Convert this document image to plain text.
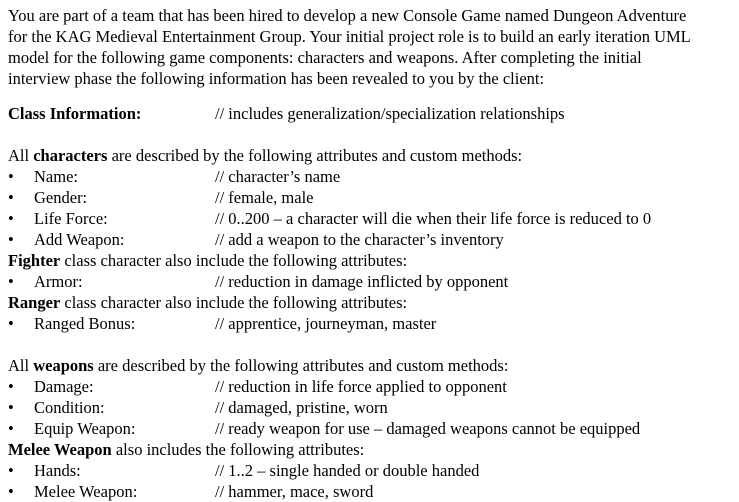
You are part of a team that has been hired to develop a new Console Game named Dungeon Adventure
for the KAG Medieval Entertainment Group. Your initial project role is to build an early iteration UML
model for the following game components: characters and weapons. After completing the initial
interview phase the following information has been revealed to you by the client:
Class Information:	// includes generalization/specialization relationships
All characters are described by the following attributes and custom methods:
• Name:	// character’s name
• Gender:	// female, male
• Life Force:	// 0..200 – a character will die when their life force is reduced to 0
• Add Weapon:	// add a weapon to the character’s inventory
Fighter class character also include the following attributes:
• Armor:	// reduction in damage inflicted by opponent
Ranger class character also include the following attributes:
• Ranged Bonus:	// apprentice, journeyman, master
All weapons are described by the following attributes and custom methods:
• Damage:	// reduction in life force applied to opponent
• Condition:	// damaged, pristine, worn
• Equip Weapon:	// ready weapon for use – damaged weapons cannot be equipped
Melee Weapon also includes the following attributes:
• Hands:	// 1..2 – single handed or double handed
• Melee Weapon:	// hammer, mace, sword
